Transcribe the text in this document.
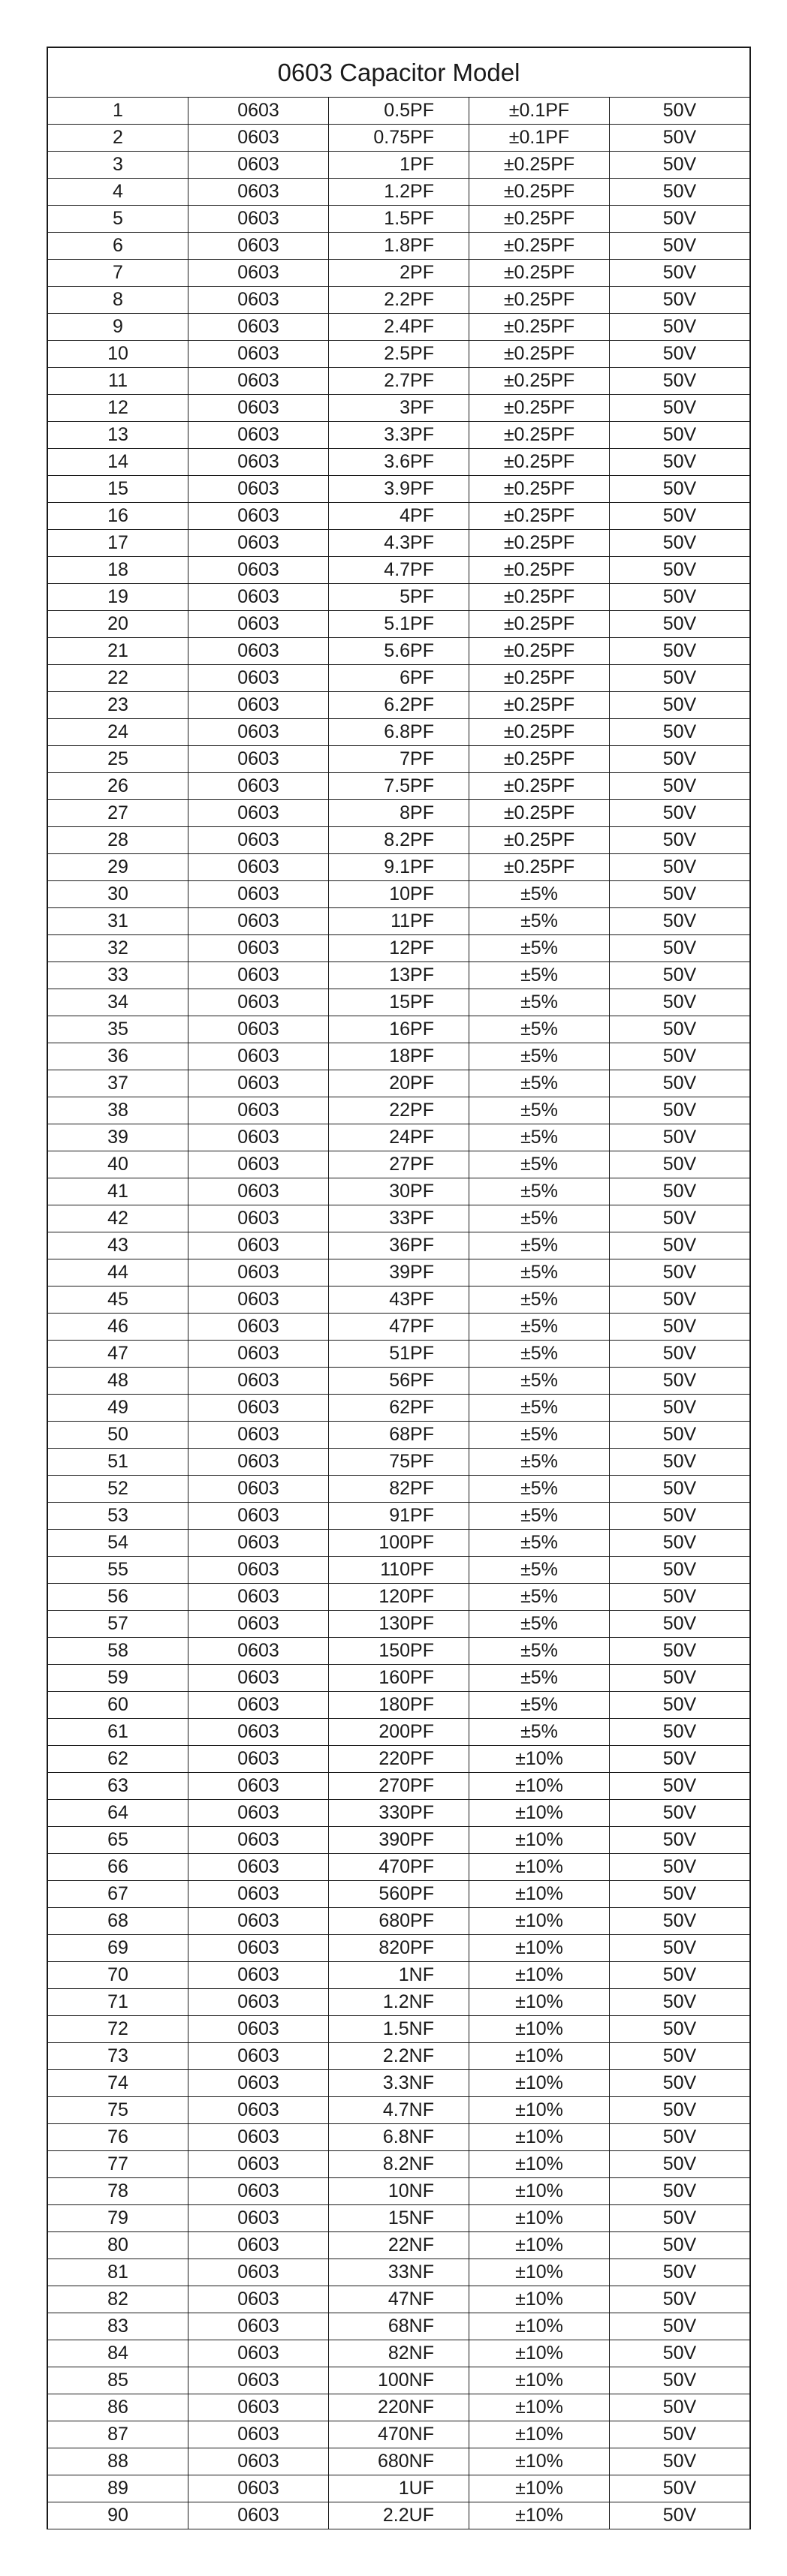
0603 Capacitor Model
1	0603	0.5PF	±0.1PF	50V
2	0603	0.75PF	±0.1PF	50V
3	0603	1PF	±0.25PF	50V
4	0603	1.2PF	±0.25PF	50V
5	0603	1.5PF	±0.25PF	50V
6	0603	1.8PF	±0.25PF	50V
7	0603	2PF	±0.25PF	50V
8	0603	2.2PF	±0.25PF	50V
9	0603	2.4PF	±0.25PF	50V
10	0603	2.5PF	±0.25PF	50V
11	0603	2.7PF	±0.25PF	50V
12	0603	3PF	±0.25PF	50V
13	0603	3.3PF	±0.25PF	50V
14	0603	3.6PF	±0.25PF	50V
15	0603	3.9PF	±0.25PF	50V
16	0603	4PF	±0.25PF	50V
17	0603	4.3PF	±0.25PF	50V
18	0603	4.7PF	±0.25PF	50V
19	0603	5PF	±0.25PF	50V
20	0603	5.1PF	±0.25PF	50V
21	0603	5.6PF	±0.25PF	50V
22	0603	6PF	±0.25PF	50V
23	0603	6.2PF	±0.25PF	50V
24	0603	6.8PF	±0.25PF	50V
25	0603	7PF	±0.25PF	50V
26	0603	7.5PF	±0.25PF	50V
27	0603	8PF	±0.25PF	50V
28	0603	8.2PF	±0.25PF	50V
29	0603	9.1PF	±0.25PF	50V
30	0603	10PF	±5%	50V
31	0603	11PF	±5%	50V
32	0603	12PF	±5%	50V
33	0603	13PF	±5%	50V
34	0603	15PF	±5%	50V
35	0603	16PF	±5%	50V
36	0603	18PF	±5%	50V
37	0603	20PF	±5%	50V
38	0603	22PF	±5%	50V
39	0603	24PF	±5%	50V
40	0603	27PF	±5%	50V
41	0603	30PF	±5%	50V
42	0603	33PF	±5%	50V
43	0603	36PF	±5%	50V
44	0603	39PF	±5%	50V
45	0603	43PF	±5%	50V
46	0603	47PF	±5%	50V
47	0603	51PF	±5%	50V
48	0603	56PF	±5%	50V
49	0603	62PF	±5%	50V
50	0603	68PF	±5%	50V
51	0603	75PF	±5%	50V
52	0603	82PF	±5%	50V
53	0603	91PF	±5%	50V
54	0603	100PF	±5%	50V
55	0603	110PF	±5%	50V
56	0603	120PF	±5%	50V
57	0603	130PF	±5%	50V
58	0603	150PF	±5%	50V
59	0603	160PF	±5%	50V
60	0603	180PF	±5%	50V
61	0603	200PF	±5%	50V
62	0603	220PF	±10%	50V
63	0603	270PF	±10%	50V
64	0603	330PF	±10%	50V
65	0603	390PF	±10%	50V
66	0603	470PF	±10%	50V
67	0603	560PF	±10%	50V
68	0603	680PF	±10%	50V
69	0603	820PF	±10%	50V
70	0603	1NF	±10%	50V
71	0603	1.2NF	±10%	50V
72	0603	1.5NF	±10%	50V
73	0603	2.2NF	±10%	50V
74	0603	3.3NF	±10%	50V
75	0603	4.7NF	±10%	50V
76	0603	6.8NF	±10%	50V
77	0603	8.2NF	±10%	50V
78	0603	10NF	±10%	50V
79	0603	15NF	±10%	50V
80	0603	22NF	±10%	50V
81	0603	33NF	±10%	50V
82	0603	47NF	±10%	50V
83	0603	68NF	±10%	50V
84	0603	82NF	±10%	50V
85	0603	100NF	±10%	50V
86	0603	220NF	±10%	50V
87	0603	470NF	±10%	50V
88	0603	680NF	±10%	50V
89	0603	1UF	±10%	50V
90	0603	2.2UF	±10%	50V
